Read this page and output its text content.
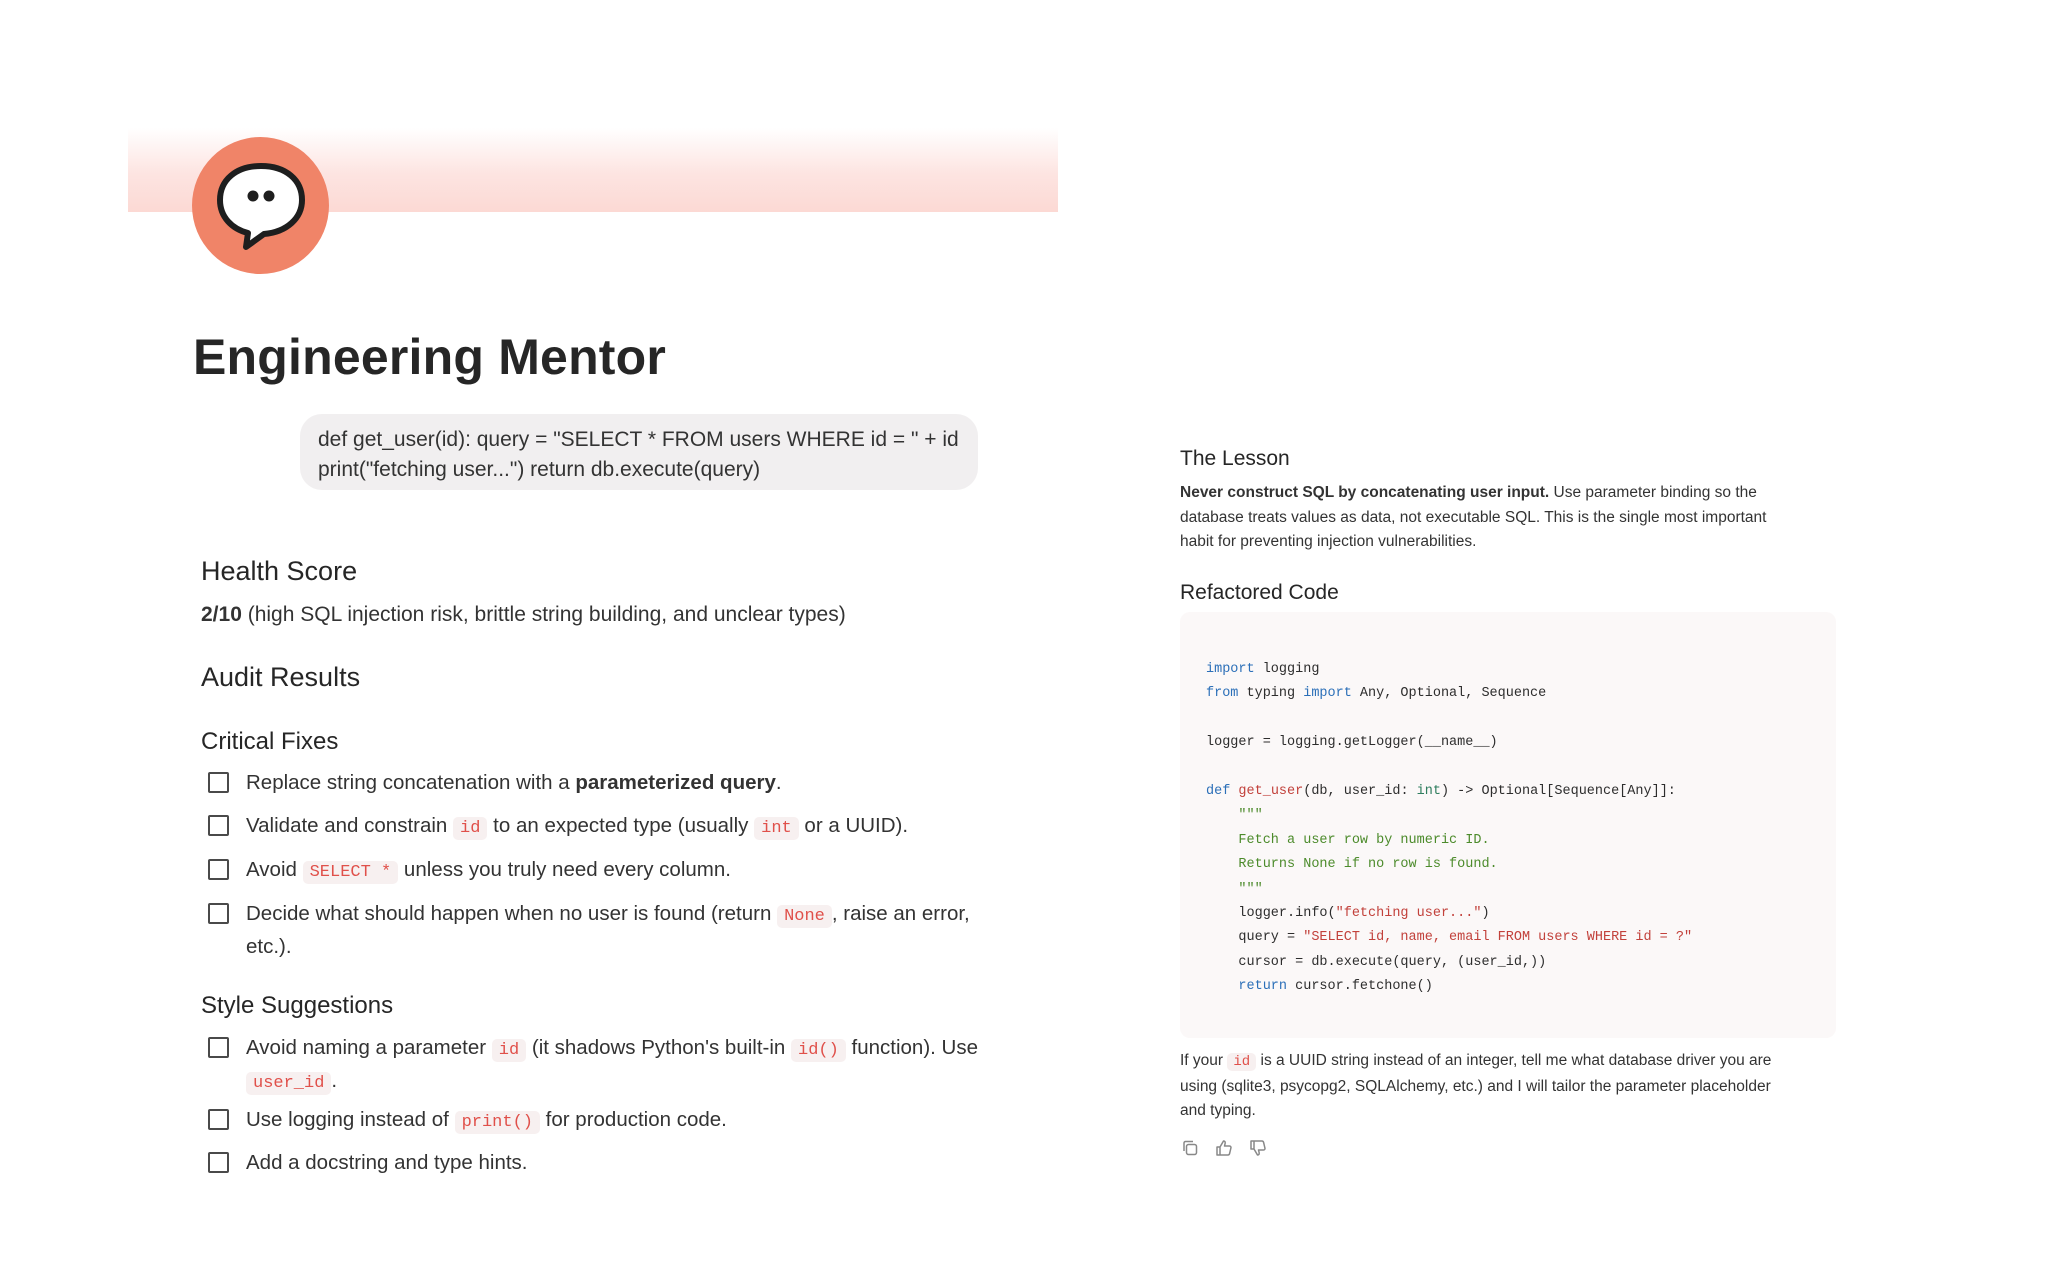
Engineering Mentor
def get_user(id): query = "SELECT * FROM users WHERE id = " + id
print("fetching user...") return db.execute(query)
Health Score

2/10 (high SQL injection risk, brittle string building, and unclear types)

Audit Results
Critical Fixes
Replace string concatenation with a parameterized query.
Validate and constrain id to an expected type (usually int or a UUID).
Avoid SELECT * unless you truly need every column.
Decide what should happen when no user is found (return None , raise an error,
etc.).
Style Suggestions
Avoid naming a parameter id (it shadows Python's built-in id() function). Use
user_id .
Use logging instead of print() for production code.
Add a docstring and type hints.
The Lesson

Never construct SQL by concatenating user input. Use parameter binding so the
database treats values as data, not executable SQL. This is the single most important
habit for preventing injection vulnerabilities.

Refactored Code
import logging
from typing import Any, Optional, Sequence
logger = logging.getLogger(__name__)
def get_user(db, user_id: int) -> Optional[Sequence[Any]]:
"""
Fetch a user row by numeric ID.
Returns None if no row is found.
"""
logger.info("fetching user...")
query = "SELECT id, name, email FROM users WHERE id = ?"
cursor = db.execute(query, (user_id,))
return cursor.fetchone()

If your id is a UUID string instead of an integer, tell me what database driver you are
using (sqlite3, psycopg2, SQLAlchemy, etc.) and I will tailor the parameter placeholder
and typing.
